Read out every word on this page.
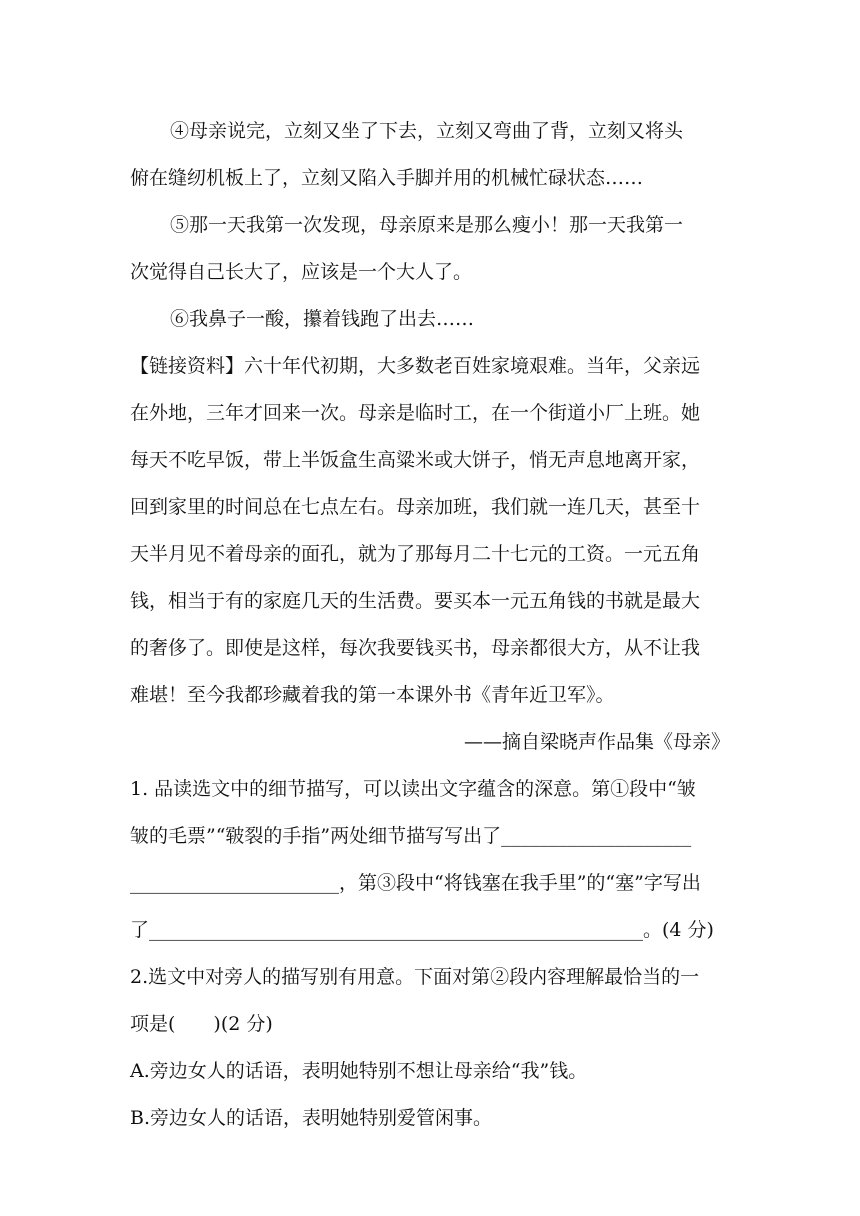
④母亲说完，立刻又坐了下去，立刻又弯曲了背，立刻又将头
俯在缝纫机板上了，立刻又陷入手脚并用的机械忙碌状态……
⑤那一天我第一次发现，母亲原来是那么瘦小！那一天我第一
次觉得自己长大了，应该是一个大人了。
⑥我鼻子一酸，攥着钱跑了出去……
【链接资料】六十年代初期，大多数老百姓家境艰难。当年，父亲远
在外地，三年才回来一次。母亲是临时工，在一个街道小厂上班。她
每天不吃早饭，带上半饭盒生高粱米或大饼子，悄无声息地离开家，
回到家里的时间总在七点左右。母亲加班，我们就一连几天，甚至十
天半月见不着母亲的面孔，就为了那每月二十七元的工资。一元五角
钱，相当于有的家庭几天的生活费。要买本一元五角钱的书就是最大
的奢侈了。即使是这样，每次我要钱买书，母亲都很大方，从不让我
难堪！至今我都珍藏着我的第一本课外书《青年近卫军》。
——摘自梁晓声作品集《母亲》
1. 品读选文中的细节描写，可以读出文字蕴含的深意。第①段中“皱
皱的毛票”“皲裂的手指”两处细节描写写出了____________________
______________________，第③段中“将钱塞在我手里”的“塞”字写出
了____________________________________________________。(4 分)
2.选文中对旁人的描写别有用意。下面对第②段内容理解最恰当的一
项是(　　)(2 分)
A.旁边女人的话语，表明她特别不想让母亲给“我”钱。
B.旁边女人的话语，表明她特别爱管闲事。
